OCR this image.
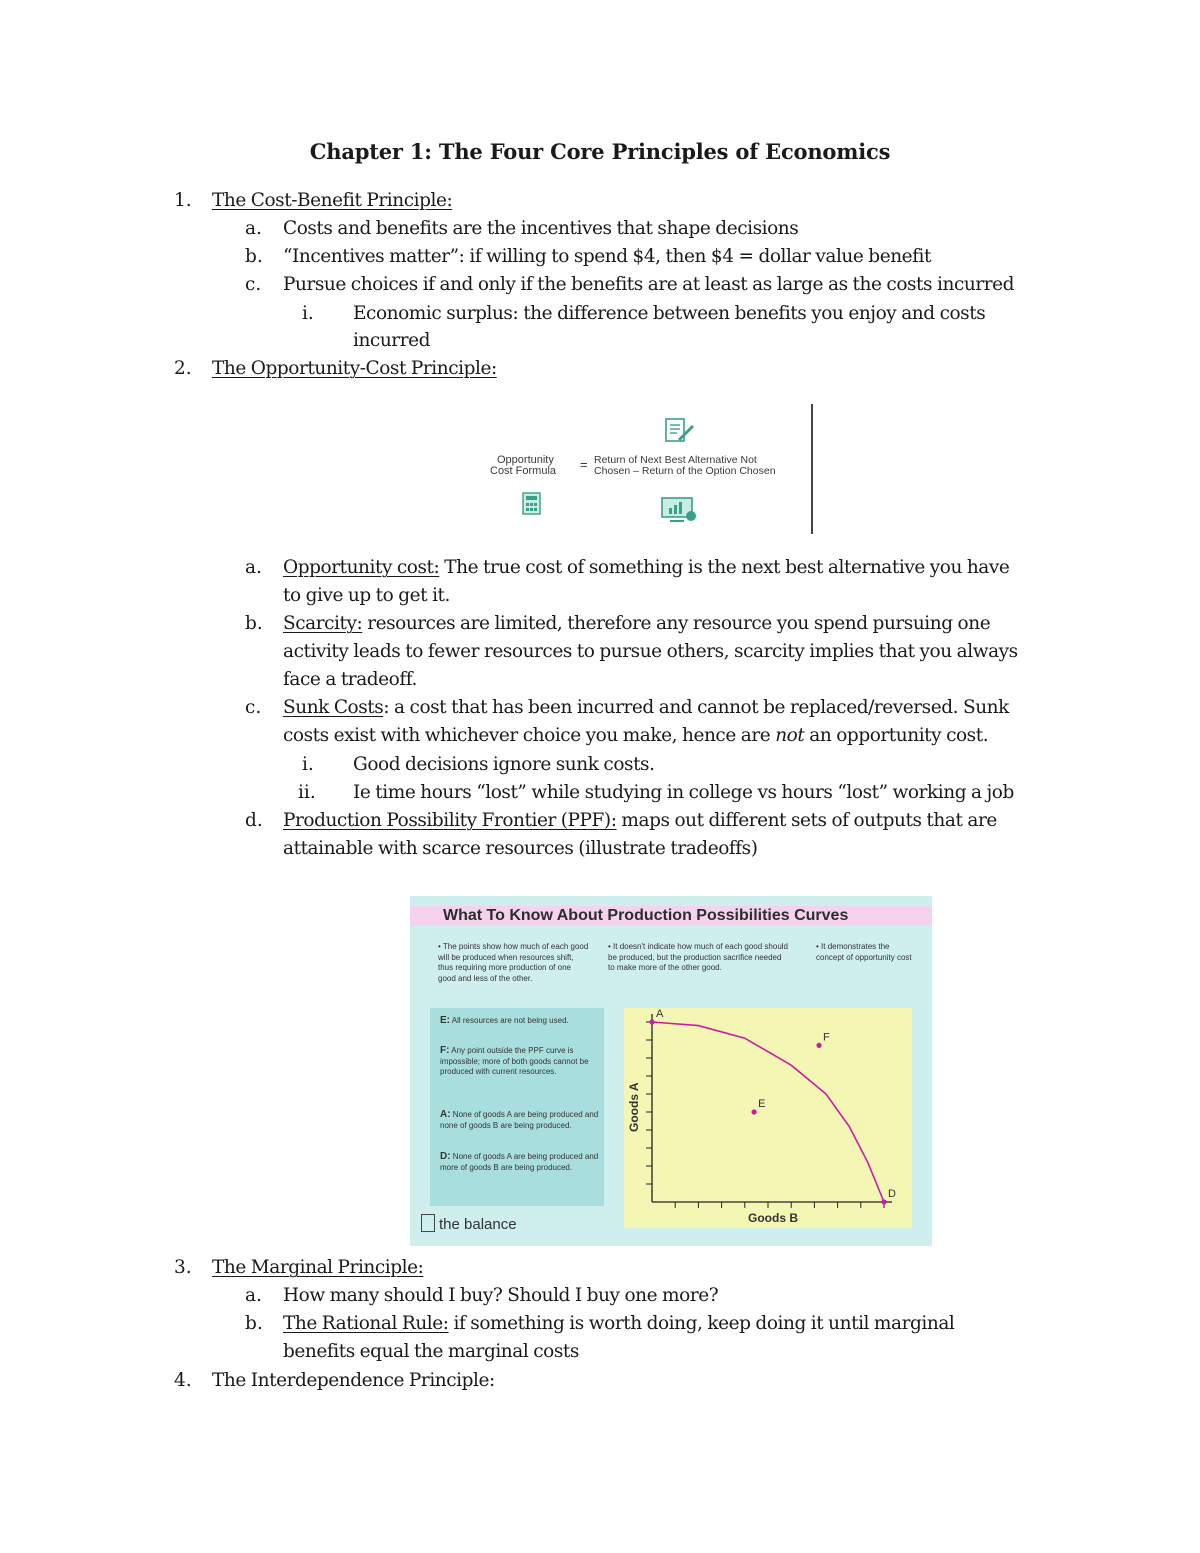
Chapter 1: The Four Core Principles of Economics
1. The Cost-Benefit Principle:
a. Costs and benefits are the incentives that shape decisions
b. “Incentives matter”: if willing to spend $4, then $4 = dollar value benefit
c. Pursue choices if and only if the benefits are at least as large as the costs incurred
i. Economic surplus: the difference between benefits you enjoy and costs
incurred
2. The Opportunity-Cost Principle:
Opportunity
Cost Formula = Return of Next Best Alternative Not
Chosen – Return of the Option Chosen
a. Opportunity cost: The true cost of something is the next best alternative you have
to give up to get it.
b. Scarcity: resources are limited, therefore any resource you spend pursuing one
activity leads to fewer resources to pursue others, scarcity implies that you always
face a tradeoff.
c. Sunk Costs: a cost that has been incurred and cannot be replaced/reversed. Sunk
costs exist with whichever choice you make, hence are not an opportunity cost.
i. Good decisions ignore sunk costs.
ii. Ie time hours “lost” while studying in college vs hours “lost” working a job
d. Production Possibility Frontier (PPF): maps out different sets of outputs that are
attainable with scarce resources (illustrate tradeoffs)
What To Know About Production Possibilities Curves
• The points show how much of each good will be produced when resources shift, thus requiring more production of one good and less of the other.
• It doesn't indicate how much of each good should be produced, but the production sacrifice needed to make more of the other good.
• It demonstrates the concept of opportunity cost
E: All resources are not being used.
F: Any point outside the PPF curve is impossible; more of both goods cannot be produced with current resources.
A: None of goods A are being produced and none of goods B are being produced.
D: None of goods A are being produced and more of goods B are being produced.
A
F
E
D
Goods B
Goods A
the balance
3. The Marginal Principle:
a. How many should I buy? Should I buy one more?
b. The Rational Rule: if something is worth doing, keep doing it until marginal
benefits equal the marginal costs
4. The Interdependence Principle:
